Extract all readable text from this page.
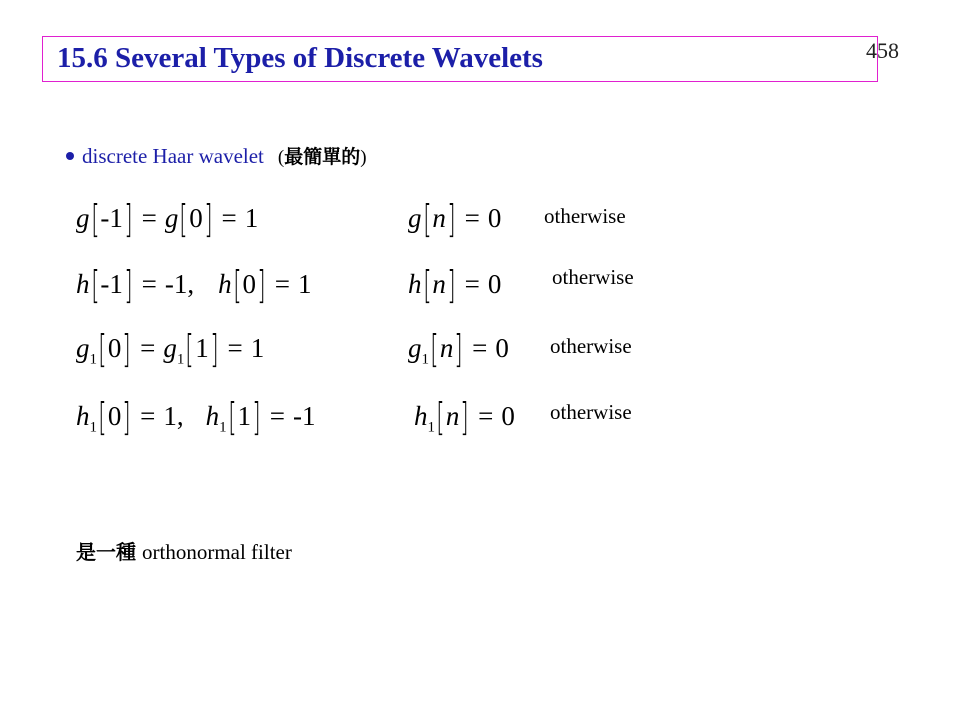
15.6 Several Types of Discrete Wavelets	458
discrete Haar wavelet (最簡單的)
g[-1] = g[0] = 1	g[n] = 0 otherwise
h[-1] = -1, h[0] = 1	h[n] = 0 otherwise
$g_1[0] = g_1[1] = 1$	$g_1[n] = 0$ otherwise
$h_1[0] = 1$, $h_1[1] = -1$	$h_1[n] = 0$ otherwise
是一種 orthonormal filter
